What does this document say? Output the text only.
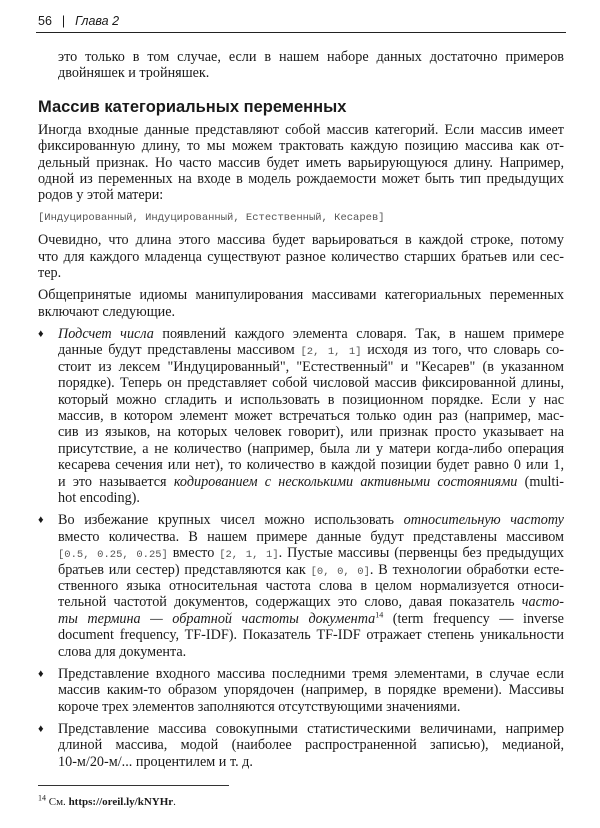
56 | Глава 2
это только в том случае, если в нашем наборе данных достаточно примеров
двойняшек и тройняшек.
Массив категориальных переменных
Иногда входные данные представляют собой массив категорий. Если массив имеет
фиксированную длину, то мы можем трактовать каждую позицию массива как от-
дельный признак. Но часто массив будет иметь варьирующуюся длину. Например,
одной из переменных на входе в модель рождаемости может быть тип предыдущих
родов у этой матери:
[Индуцированный, Индуцированный, Естественный, Кесарев]
Очевидно, что длина этого массива будет варьироваться в каждой строке, потому
что для каждого младенца существуют разное количество старших братьев или сес-
тер.
Общепринятые идиомы манипулирования массивами категориальных переменных
включают следующие.
♦	Подсчет числа появлений каждого элемента словаря. Так, в нашем примере
данные будут представлены массивом [2, 1, 1] исходя из того, что словарь со-
стоит из лексем "Индуцированный", "Естественный" и "Кесарев" (в указанном
порядке). Теперь он представляет собой числовой массив фиксированной длины,
который можно сгладить и использовать в позиционном порядке. Если у нас
массив, в котором элемент может встречаться только один раз (например, мас-
сив из языков, на которых человек говорит), или признак просто указывает на
присутствие, а не количество (например, была ли у матери когда-либо операция
кесарева сечения или нет), то количество в каждой позиции будет равно 0 или 1,
и это называется кодированием с несколькими активными состояниями (multi-
hot encoding).
♦	Во избежание крупных чисел можно использовать относительную частоту
вместо количества. В нашем примере данные будут представлены массивом
[0.5, 0.25, 0.25] вместо [2, 1, 1]. Пустые массивы (первенцы без предыдущих
братьев или сестер) представляются как [0, 0, 0]. В технологии обработки есте-
ственного языка относительная частота слова в целом нормализуется относи-
тельной частотой документов, содержащих это слово, давая показатель часто-
ты термина — обратной частоты документа$^{14}$ (term frequency — inverse
document frequency, TF-IDF). Показатель TF-IDF отражает степень уникальности
слова для документа.
♦	Представление входного массива последними тремя элементами, в случае если
массив каким-то образом упорядочен (например, в порядке времени). Массивы
короче трех элементов заполняются отсутствующими значениями.
♦	Представление массива совокупными статистическими величинами, например
длиной массива, модой (наиболее распространенной записью), медианой,
10-м/20-м/... процентилем и т. д.
$^{14}$ См. https://oreil.ly/kNYHr.
